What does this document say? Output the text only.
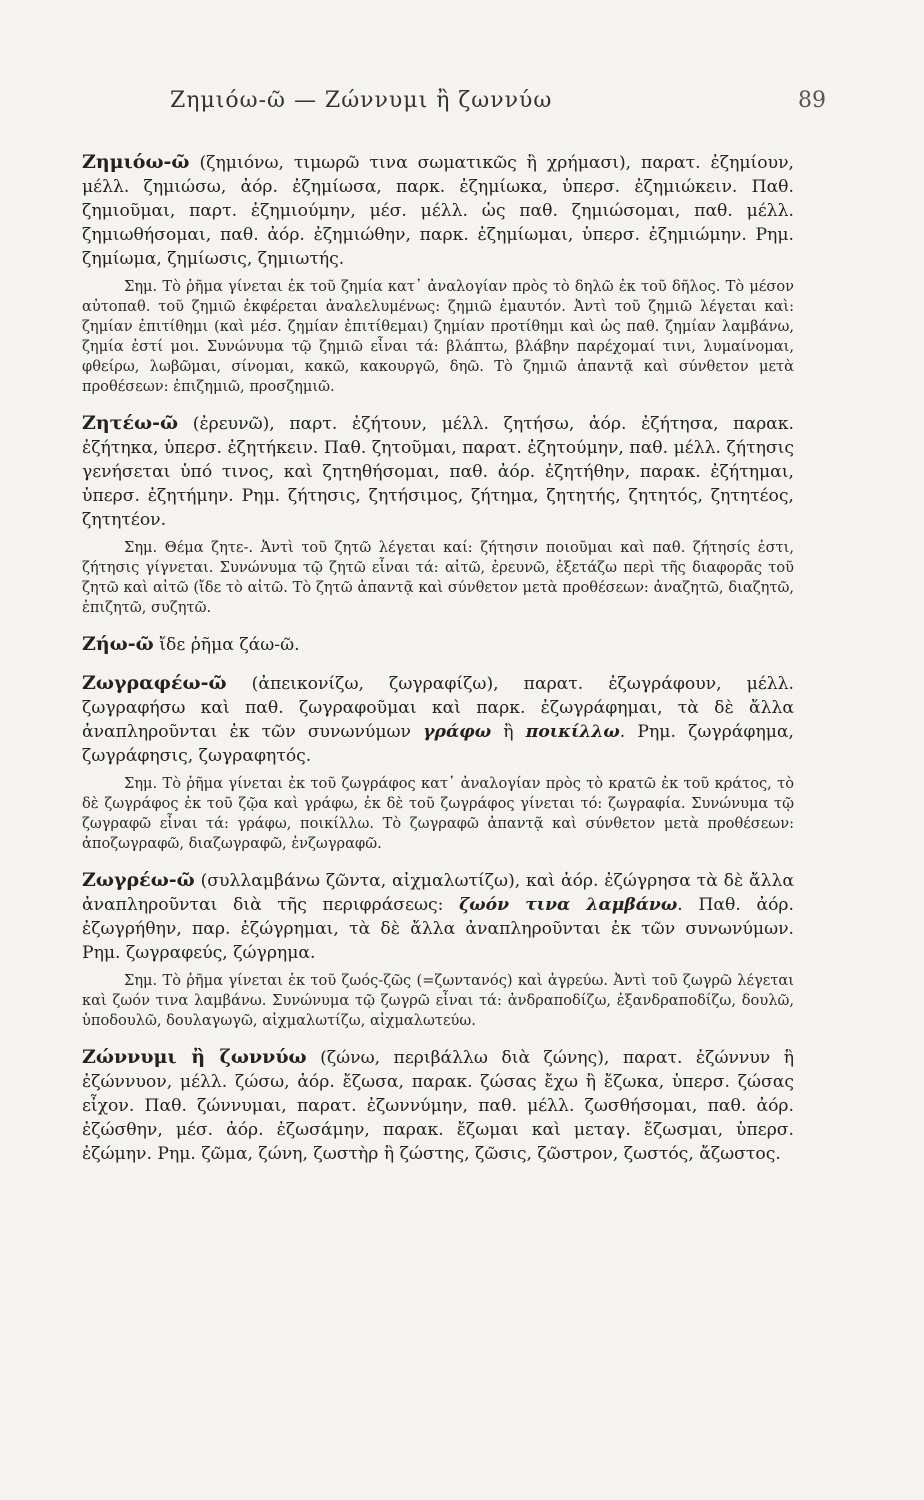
Ζημιόω-ῶ — Ζώννυμι ἢ ζωννύω	89

Ζημιόω-ῶ (ζημιόνω, τιμωρῶ τινα σωματικῶς ἢ χρήμασι), παρατ. ἐζημίουν, μέλλ. ζημιώσω, ἀόρ. ἐζημίωσα, παρκ. ἐζημίωκα, ὑπερσ. ἐζημιώκειν. Παθ. ζημιοῦμαι, παρτ. ἐζημιούμην, μέσ. μέλλ. ὡς παθ. ζημιώσομαι, παθ. μέλλ. ζημιωθήσομαι, παθ. ἀόρ. ἐζημιώθην, παρκ. ἐζημίωμαι, ὑπερσ. ἐζημιώμην. Ρημ. ζημίωμα, ζημίωσις, ζημιωτής.

Σημ. Τὸ ῥῆμα γίνεται ἐκ τοῦ ζημία κατ᾿ ἀναλογίαν πρὸς τὸ δηλῶ ἐκ τοῦ δῆλος. Τὸ μέσον αὐτοπαθ. τοῦ ζημιῶ ἐκφέρεται ἀναλελυμένως: ζημιῶ ἐμαυτόν. Ἀντὶ τοῦ ζημιῶ λέγεται καὶ: ζημίαν ἐπιτίθημι (καὶ μέσ. ζημίαν ἐπιτίθεμαι) ζημίαν προτίθημι καὶ ὡς παθ. ζημίαν λαμβάνω, ζημία ἐστί μοι. Συνώνυμα τῷ ζημιῶ εἶναι τά: βλάπτω, βλάβην παρέχομαί τινι, λυμαίνομαι, φθείρω, λωβῶμαι, σίνομαι, κακῶ, κακουργῶ, δηῶ. Τὸ ζημιῶ ἀπαντᾷ καὶ σύνθετον μετὰ προθέσεων: ἐπιζημιῶ, προσζημιῶ.

Ζητέω-ῶ (ἐρευνῶ), παρτ. ἐζήτουν, μέλλ. ζητήσω, ἀόρ. ἐζήτησα, παρακ. ἐζήτηκα, ὑπερσ. ἐζητήκειν. Παθ. ζητοῦμαι, παρατ. ἐζητούμην, παθ. μέλλ. ζήτησις γενήσεται ὑπό τινος, καὶ ζητηθήσομαι, παθ. ἀόρ. ἐζητήθην, παρακ. ἐζήτημαι, ὑπερσ. ἐζητήμην. Ρημ. ζήτησις, ζητήσιμος, ζήτημα, ζητητής, ζητητός, ζητητέος, ζητητέον.

Σημ. Θέμα ζητε-. Ἀντὶ τοῦ ζητῶ λέγεται καί: ζήτησιν ποιοῦμαι καὶ παθ. ζήτησίς ἐστι, ζήτησις γίγνεται. Συνώνυμα τῷ ζητῶ εἶναι τά: αἰτῶ, ἐρευνῶ, ἐξετάζω περὶ τῆς διαφορᾶς τοῦ ζητῶ καὶ αἰτῶ (ἴδε τὸ αἰτῶ. Τὸ ζητῶ ἀπαντᾷ καὶ σύνθετον μετὰ προθέσεων: ἀναζητῶ, διαζητῶ, ἐπιζητῶ, συζητῶ.

Ζήω-ῶ ἴδε ῥῆμα ζάω-ῶ.

Ζωγραφέω-ῶ (ἀπεικονίζω, ζωγραφίζω), παρατ. ἐζωγράφουν, μέλλ. ζωγραφήσω καὶ παθ. ζωγραφοῦμαι καὶ παρκ. ἐζωγράφημαι, τὰ δὲ ἄλλα ἀναπληροῦνται ἐκ τῶν συνωνύμων γράφω ἢ ποικίλλω. Ρημ. ζωγράφημα, ζωγράφησις, ζωγραφητός.

Σημ. Τὸ ῥῆμα γίνεται ἐκ τοῦ ζωγράφος κατ᾿ ἀναλογίαν πρὸς τὸ κρατῶ ἐκ τοῦ κράτος, τὸ δὲ ζωγράφος ἐκ τοῦ ζῷα καὶ γράφω, ἐκ δὲ τοῦ ζωγράφος γίνεται τό: ζωγραφία. Συνώνυμα τῷ ζωγραφῶ εἶναι τά: γράφω, ποικίλλω. Τὸ ζωγραφῶ ἀπαντᾷ καὶ σύνθετον μετὰ προθέσεων: ἀποζωγραφῶ, διαζωγραφῶ, ἐνζωγραφῶ.

Ζωγρέω-ῶ (συλλαμβάνω ζῶντα, αἰχμαλωτίζω), καὶ ἀόρ. ἐζώγρησα τὰ δὲ ἄλλα ἀναπληροῦνται διὰ τῆς περιφράσεως: ζωόν τινα λαμβάνω. Παθ. ἀόρ. ἐζωγρήθην, παρ. ἐζώγρημαι, τὰ δὲ ἄλλα ἀναπληροῦνται ἐκ τῶν συνωνύμων. Ρημ. ζωγραφεύς, ζώγρημα.

Σημ. Τὸ ῥῆμα γίνεται ἐκ τοῦ ζωός-ζῶς (=ζωντανός) καὶ ἀγρεύω. Ἀντὶ τοῦ ζωγρῶ λέγεται καὶ ζωόν τινα λαμβάνω. Συνώνυμα τῷ ζωγρῶ εἶναι τά: ἀνδραποδίζω, ἐξανδραποδίζω, δουλῶ, ὑποδουλῶ, δουλαγωγῶ, αἰχμαλωτίζω, αἰχμαλωτεύω.

Ζώννυμι ἢ ζωννύω (ζώνω, περιβάλλω διὰ ζώνης), παρατ. ἐζώννυν ἢ ἐζώννυον, μέλλ. ζώσω, ἀόρ. ἔζωσα, παρακ. ζώσας ἔχω ἢ ἔζωκα, ὑπερσ. ζώσας εἶχον. Παθ. ζώννυμαι, παρατ. ἐζωννύμην, παθ. μέλλ. ζωσθήσομαι, παθ. ἀόρ. ἐζώσθην, μέσ. ἀόρ. ἐζωσάμην, παρακ. ἔζωμαι καὶ μεταγ. ἔζωσμαι, ὑπερσ. ἐζώμην. Ρημ. ζῶμα, ζώνη, ζωστὴρ ἢ ζώστης, ζῶσις, ζῶστρον, ζωστός, ἄζωστος.
